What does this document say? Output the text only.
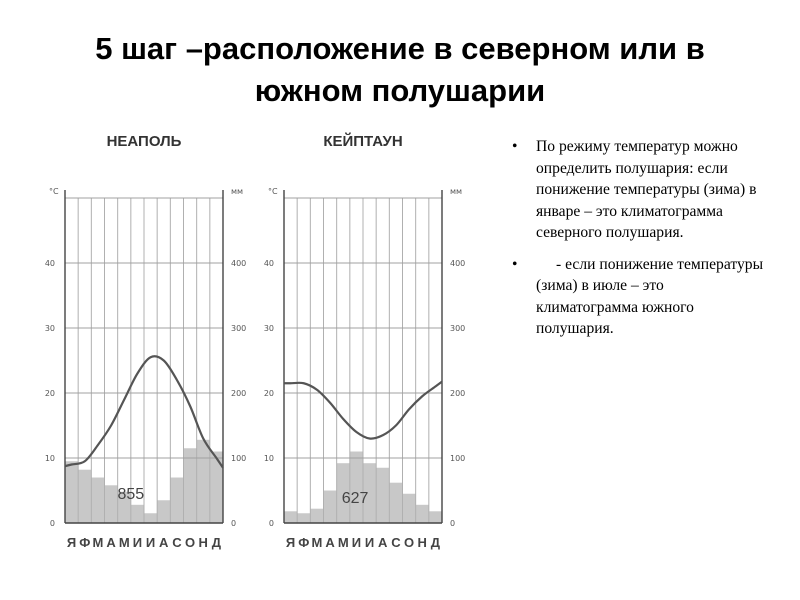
5 шаг –расположение в северном или в
южном полушарии
НЕАПОЛЬ
°C	мм
0
10
20
30
40
0
100
200
300
400
Я Ф М А М И И А С О Н Д
855
КЕЙПТАУН
°C	мм
0
10
20
30
40
0
100
200
300
400
Я Ф М А М И И А С О Н Д
627
• По режиму температур можно определить полушария: если понижение температуры (зима) в январе – это климатограмма северного полушария.
•	- если понижение температуры (зима) в июле – это климатограмма южного полушария.
